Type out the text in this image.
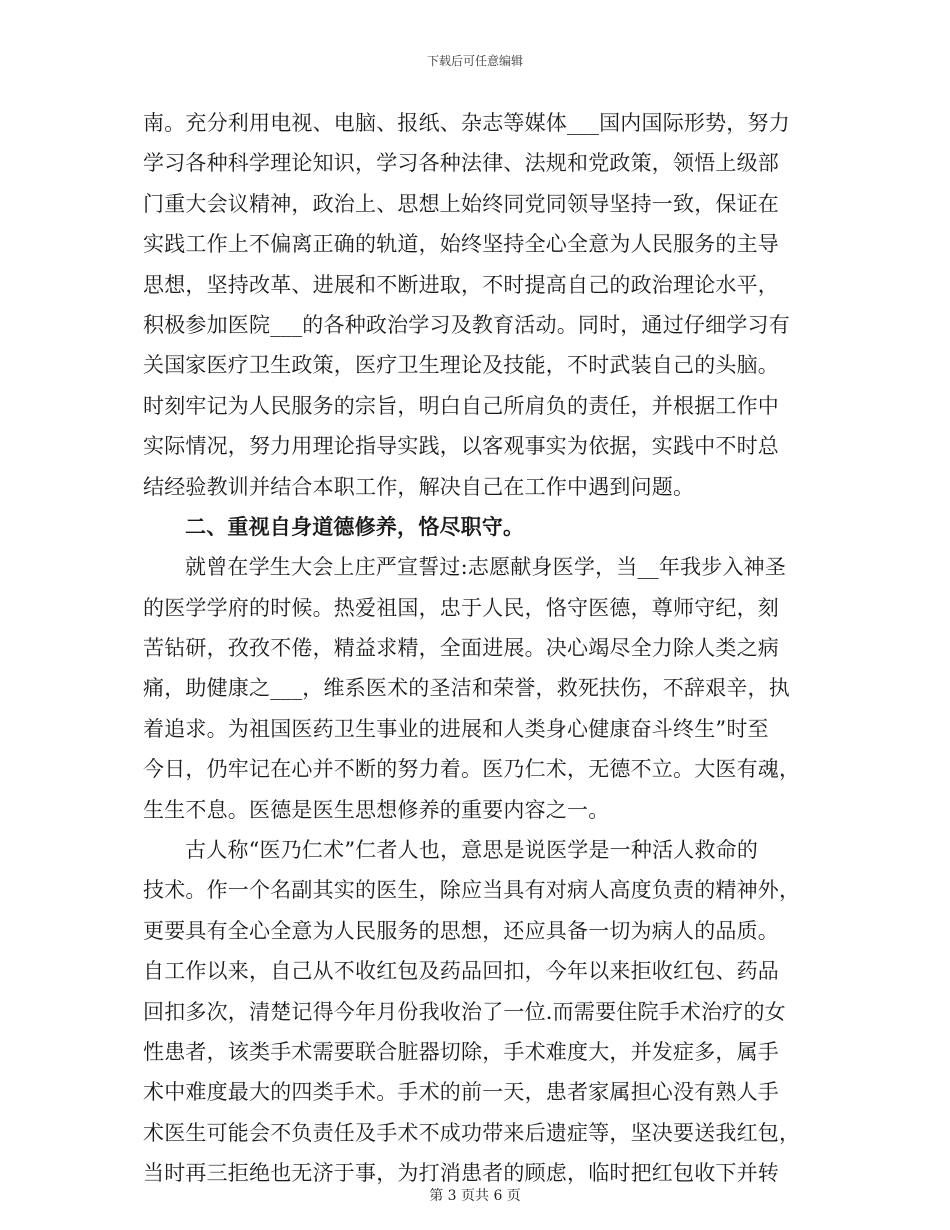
下载后可任意编辑
南。充分利用电视、电脑、报纸、杂志等媒体___国内国际形势，努力
学习各种科学理论知识，学习各种法律、法规和党政策，领悟上级部
门重大会议精神，政治上、思想上始终同党同领导坚持一致，保证在
实践工作上不偏离正确的轨道，始终坚持全心全意为人民服务的主导
思想，坚持改革、进展和不断进取，不时提高自己的政治理论水平，
积极参加医院___的各种政治学习及教育活动。同时，通过仔细学习有
关国家医疗卫生政策，医疗卫生理论及技能，不时武装自己的头脑。
时刻牢记为人民服务的宗旨，明白自己所肩负的责任，并根据工作中
实际情况，努力用理论指导实践，以客观事实为依据，实践中不时总
结经验教训并结合本职工作，解决自己在工作中遇到问题。
二、重视自身道德修养，恪尽职守。
就曾在学生大会上庄严宣誓过:志愿献身医学，当__年我步入神圣
的医学学府的时候。热爱祖国，忠于人民，恪守医德，尊师守纪，刻
苦钻研，孜孜不倦，精益求精，全面进展。决心竭尽全力除人类之病
痛，助健康之___，维系医术的圣洁和荣誉，救死扶伤，不辞艰辛，执
着追求。为祖国医药卫生事业的进展和人类身心健康奋斗终生”时至
今日，仍牢记在心并不断的努力着。医乃仁术，无德不立。大医有魂，
生生不息。医德是医生思想修养的重要内容之一。
古人称“医乃仁术”仁者人也，意思是说医学是一种活人救命的
技术。作一个名副其实的医生，除应当具有对病人高度负责的精神外，
更要具有全心全意为人民服务的思想，还应具备一切为病人的品质。
自工作以来，自己从不收红包及药品回扣，今年以来拒收红包、药品
回扣多次，清楚记得今年月份我收治了一位.而需要住院手术治疗的女
性患者，该类手术需要联合脏器切除，手术难度大，并发症多，属手
术中难度最大的四类手术。手术的前一天，患者家属担心没有熟人手
术医生可能会不负责任及手术不成功带来后遗症等，坚决要送我红包，
当时再三拒绝也无济于事，为打消患者的顾虑，临时把红包收下并转
第 3 页共 6 页
